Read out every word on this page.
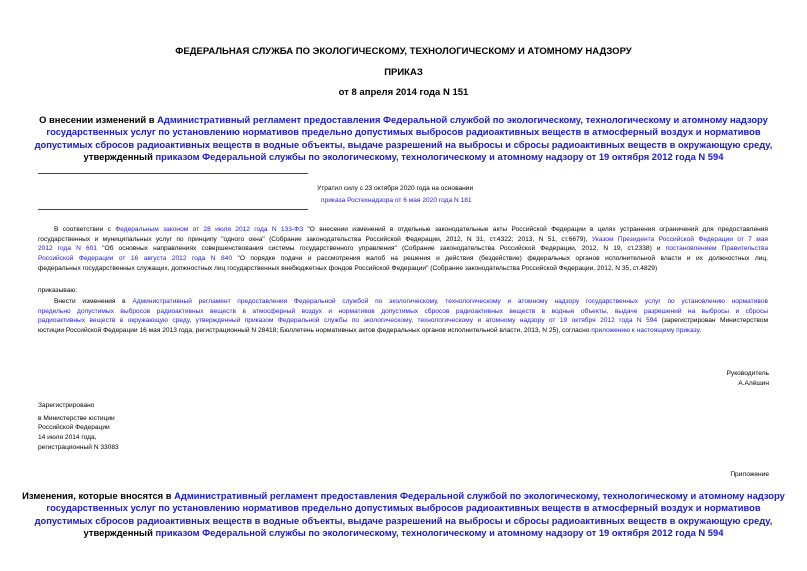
ФЕДЕРАЛЬНАЯ СЛУЖБА ПО ЭКОЛОГИЧЕСКОМУ, ТЕХНОЛОГИЧЕСКОМУ И АТОМНОМУ НАДЗОРУ
ПРИКАЗ
от 8 апреля 2014 года N 151
О внесении изменений в Административный регламент предоставления Федеральной службой по экологическому, технологическому и атомному надзору
государственных услуг по установлению нормативов предельно допустимых выбросов радиоактивных веществ в атмосферный воздух и нормативов
допустимых сбросов радиоактивных веществ в водные объекты, выдаче разрешений на выбросы и сбросы радиоактивных веществ в окружающую среду,
утвержденный приказом Федеральной службы по экологическому, технологическому и атомному надзору от 19 октября 2012 года N 594
Утратил силу с 23 октября 2020 года на основании
приказа Ростехнадзора от 6 мая 2020 года N 181
В соответствии с Федеральным законом от 28 июля 2012 года N 133-ФЗ "О внесении изменений в отдельные законодательные акты Российской Федерации в целях устранения ограничений для предоставления
государственных и муниципальных услуг по принципу "одного окна" (Собрание законодательства Российской Федерации, 2012, N 31, ст.4322; 2013, N 51, ст.6679), Указом Президента Российской Федерации от 7 мая
2012 года N 601 "Об основных направлениях совершенствования системы государственного управления" (Собрание законодательства Российской Федерации, 2012, N 19, ст.2338) и постановлением Правительства
Российской Федерации от 16 августа 2012 года N 840 "О порядке подачи и рассмотрения жалоб на решения и действия (бездействие) федеральных органов исполнительной власти и их должностных лиц,
федеральных государственных служащих, должностных лиц государственных внебюджетных фондов Российской Федерации" (Собрание законодательства Российской Федерации, 2012, N 35, ст.4829)
приказываю:
Внести изменения в Административный регламент предоставления Федеральной службой по экологическому, технологическому и атомному надзору государственных услуг по установлению нормативов
предельно допустимых выбросов радиоактивных веществ в атмосферный воздух и нормативов допустимых сбросов радиоактивных веществ в водные объекты, выдаче разрешений на выбросы и сбросы
радиоактивных веществ в окружающую среду, утвержденный приказом Федеральной службы по экологическому, технологическому и атомному надзору от 19 октября 2012 года N 594 (зарегистрирован Министерством
юстиции Российской Федерации 16 мая 2013 года, регистрационный N 28418; Бюллетень нормативных актов федеральных органов исполнительной власти, 2013, N 25), согласно приложению к настоящему приказу.
Руководитель
А.Алёшин
Зарегистрировано
в Министерстве юстиции
Российской Федерации
14 июля 2014 года,
регистрационный N 33083
Приложение
Изменения, которые вносятся в Административный регламент предоставления Федеральной службой по экологическому, технологическому и атомному надзору
государственных услуг по установлению нормативов предельно допустимых выбросов радиоактивных веществ в атмосферный воздух и нормативов
допустимых сбросов радиоактивных веществ в водные объекты, выдаче разрешений на выбросы и сбросы радиоактивных веществ в окружающую среду,
утвержденный приказом Федеральной службы по экологическому, технологическому и атомному надзору от 19 октября 2012 года N 594
